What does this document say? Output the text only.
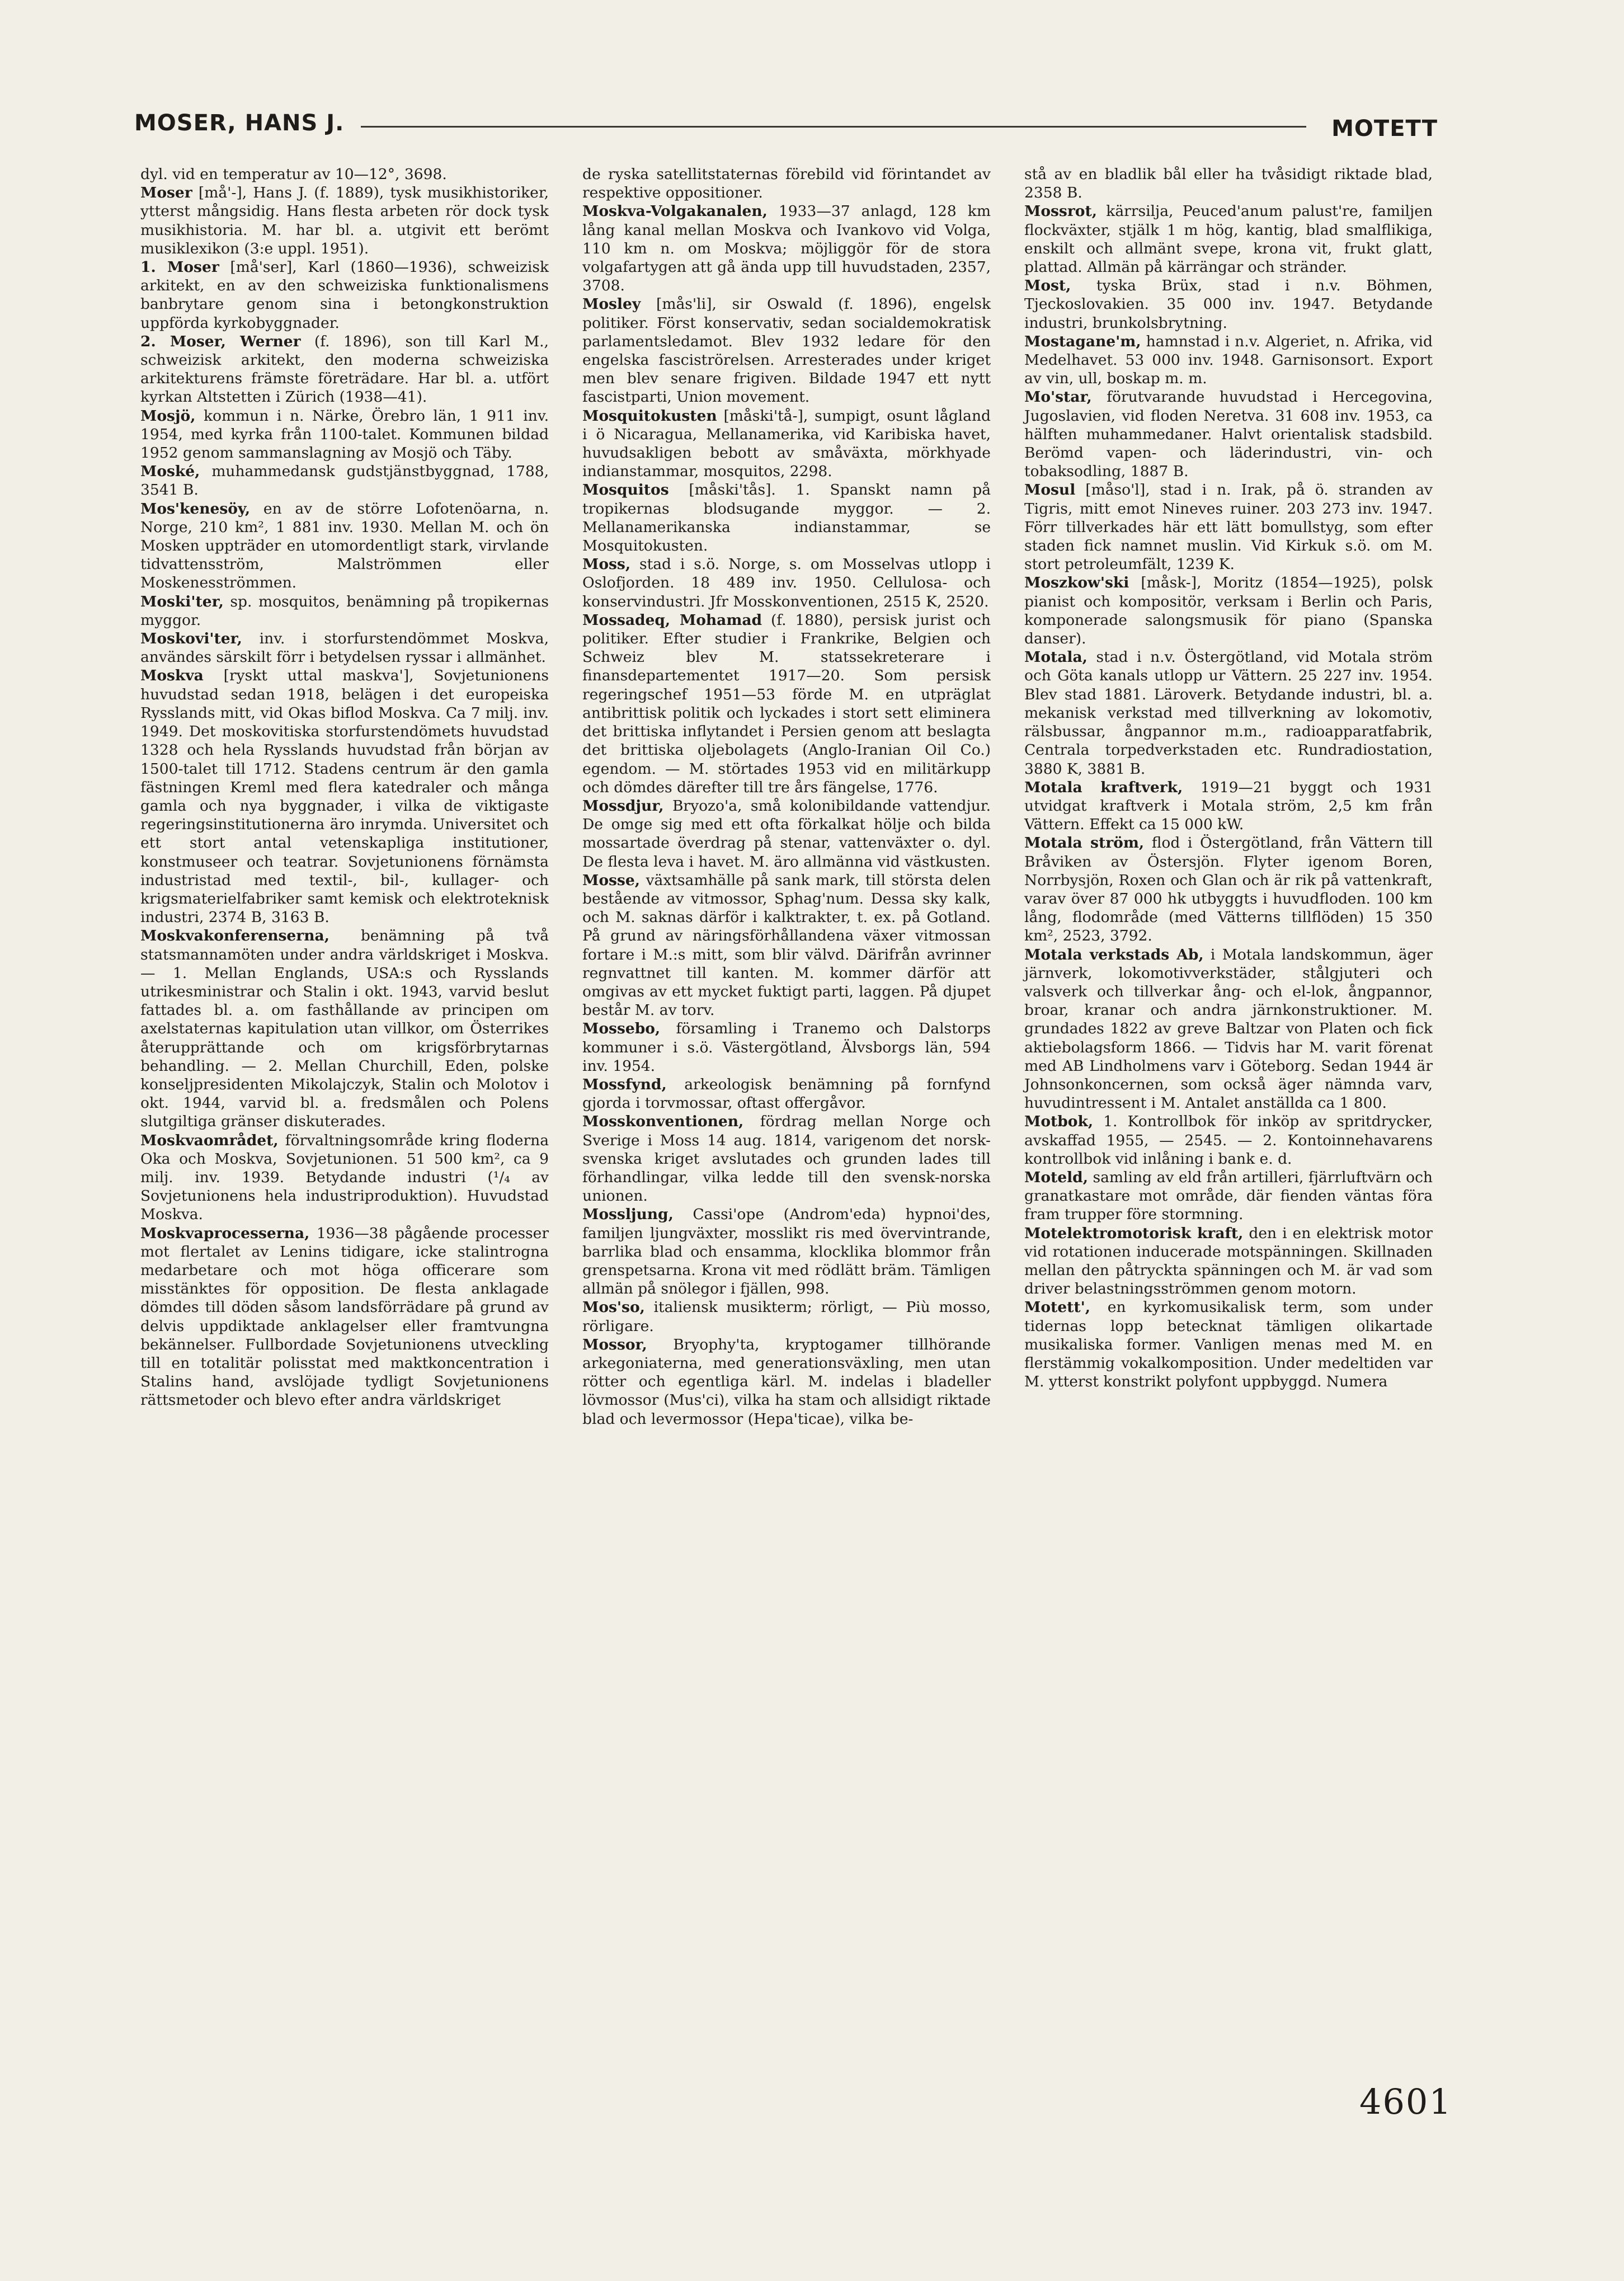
MOSER, HANS J.	MOTETT

dyl. vid en temperatur av 10—12°, 3698.

Moser [må'-], Hans J. (f. 1889), tysk musikhistoriker, ytterst mångsidig. Hans flesta arbeten rör dock tysk musikhistoria. M. har bl. a. utgivit ett berömt musiklexikon (3:e uppl. 1951).

1. Moser [må'ser], Karl (1860—1936), schweizisk arkitekt, en av den schweiziska funktionalismens banbrytare genom sina i betongkonstruktion uppförda kyrkobyggnader.

2. Moser, Werner (f. 1896), son till Karl M., schweizisk arkitekt, den moderna schweiziska arkitekturens främste företrädare. Har bl. a. utfört kyrkan Altstetten i Zürich (1938—41).

Mosjö, kommun i n. Närke, Örebro län, 1 911 inv. 1954, med kyrka från 1100-talet. Kommunen bildad 1952 genom sammanslagning av Mosjö och Täby.

Moské, muhammedansk gudstjänstbyggnad, 1788, 3541 B.

Mos'kenesöy, en av de större Lofotenöarna, n. Norge, 210 km², 1 881 inv. 1930. Mellan M. och ön Mosken uppträder en utomordentligt stark, virvlande tidvattensström, Malströmmen eller Moskenesströmmen.

Moski'ter, sp. mosquitos, benämning på tropikernas myggor.

Moskovi'ter, inv. i storfurstendömmet Moskva, användes särskilt förr i betydelsen ryssar i allmänhet.

Moskva [ryskt uttal maskva'], Sovjetunionens huvudstad sedan 1918, belägen i det europeiska Rysslands mitt, vid Okas biflod Moskva. Ca 7 milj. inv. 1949. Det moskovitiska storfurstendömets huvudstad 1328 och hela Rysslands huvudstad från början av 1500-talet till 1712. Stadens centrum är den gamla fästningen Kreml med flera katedraler och många gamla och nya byggnader, i vilka de viktigaste regeringsinstitutionerna äro inrymda. Universitet och ett stort antal vetenskapliga institutioner, konstmuseer och teatrar. Sovjetunionens förnämsta industristad med textil-, bil-, kullager- och krigsmaterielfabriker samt kemisk och elektroteknisk industri, 2374 B, 3163 B.

Moskvakonferenserna, benämning på två statsmannamöten under andra världskriget i Moskva. — 1. Mellan Englands, USA:s och Rysslands utrikesministrar och Stalin i okt. 1943, varvid beslut fattades bl. a. om fasthållande av principen om axelstaternas kapitulation utan villkor, om Österrikes återupprättande och om krigsförbrytarnas behandling. — 2. Mellan Churchill, Eden, polske konseljpresidenten Mikolajczyk, Stalin och Molotov i okt. 1944, varvid bl. a. fredsmålen och Polens slutgiltiga gränser diskuterades.

Moskvaområdet, förvaltningsområde kring floderna Oka och Moskva, Sovjetunionen. 51 500 km², ca 9 milj. inv. 1939. Betydande industri (¹/₄ av Sovjetunionens hela industriproduktion). Huvudstad Moskva.

Moskvaprocesserna, 1936—38 pågående processer mot flertalet av Lenins tidigare, icke stalintrogna medarbetare och mot höga officerare som misstänktes för opposition. De flesta anklagade dömdes till döden såsom landsförrädare på grund av delvis uppdiktade anklagelser eller framtvungna bekännelser. Fullbordade Sovjetunionens utveckling till en totalitär polisstat med maktkoncentration i Stalins hand, avslöjade tydligt Sovjetunionens rättsmetoder och blevo efter andra världskriget

de ryska satellitstaternas förebild vid förintandet av respektive oppositioner.

Moskva-Volgakanalen, 1933—37 anlagd, 128 km lång kanal mellan Moskva och Ivankovo vid Volga, 110 km n. om Moskva; möjliggör för de stora volgafartygen att gå ända upp till huvudstaden, 2357, 3708.

Mosley [mås'li], sir Oswald (f. 1896), engelsk politiker. Först konservativ, sedan socialdemokratisk parlamentsledamot. Blev 1932 ledare för den engelska fasciströrelsen. Arresterades under kriget men blev senare frigiven. Bildade 1947 ett nytt fascistparti, Union movement.

Mosquitokusten [måski'tå-], sumpigt, osunt lågland i ö Nicaragua, Mellanamerika, vid Karibiska havet, huvudsakligen bebott av småväxta, mörkhyade indianstammar, mosquitos, 2298.

Mosquitos [måski'tås]. 1. Spanskt namn på tropikernas blodsugande myggor. — 2. Mellanamerikanska indianstammar, se Mosquitokusten.

Moss, stad i s.ö. Norge, s. om Mosselvas utlopp i Oslofjorden. 18 489 inv. 1950. Cellulosa- och konservindustri. Jfr Mosskonventionen, 2515 K, 2520.

Mossadeq, Mohamad (f. 1880), persisk jurist och politiker. Efter studier i Frankrike, Belgien och Schweiz blev M. statssekreterare i finansdepartementet 1917—20. Som persisk regeringschef 1951—53 förde M. en utpräglat antibrittisk politik och lyckades i stort sett eliminera det brittiska inflytandet i Persien genom att beslagta det brittiska oljebolagets (Anglo-Iranian Oil Co.) egendom. — M. störtades 1953 vid en militärkupp och dömdes därefter till tre års fängelse, 1776.

Mossdjur, Bryozo'a, små kolonibildande vattendjur. De omge sig med ett ofta förkalkat hölje och bilda mossartade överdrag på stenar, vattenväxter o. dyl. De flesta leva i havet. M. äro allmänna vid västkusten.

Mosse, växtsamhälle på sank mark, till största delen bestående av vitmossor, Sphag'num. Dessa sky kalk, och M. saknas därför i kalktrakter, t. ex. på Gotland. På grund av näringsförhållandena växer vitmossan fortare i M.:s mitt, som blir välvd. Därifrån avrinner regnvattnet till kanten. M. kommer därför att omgivas av ett mycket fuktigt parti, laggen. På djupet består M. av torv.

Mossebo, församling i Tranemo och Dalstorps kommuner i s.ö. Västergötland, Älvsborgs län, 594 inv. 1954.

Mossfynd, arkeologisk benämning på fornfynd gjorda i torvmossar, oftast offergåvor.

Mosskonventionen, fördrag mellan Norge och Sverige i Moss 14 aug. 1814, varigenom det norsk-svenska kriget avslutades och grunden lades till förhandlingar, vilka ledde till den svensk-norska unionen.

Mossljung, Cassi'ope (Androm'eda) hypnoi'des, familjen ljungväxter, mosslikt ris med övervintrande, barrlika blad och ensamma, klocklika blommor från grenspetsarna. Krona vit med rödlätt bräm. Tämligen allmän på snölegor i fjällen, 998.

Mos'so, italiensk musikterm; rörligt, — Più mosso, rörligare.

Mossor, Bryophy'ta, kryptogamer tillhörande arkegoniaterna, med generationsväxling, men utan rötter och egentliga kärl. M. indelas i bladeller lövmossor (Mus'ci), vilka ha stam och allsidigt riktade blad och levermossor (Hepa'ticae), vilka be-

stå av en bladlik bål eller ha tvåsidigt riktade blad, 2358 B.

Mossrot, kärrsilja, Peuced'anum palust're, familjen flockväxter, stjälk 1 m hög, kantig, blad smalflikiga, enskilt och allmänt svepe, krona vit, frukt glatt, plattad. Allmän på kärrängar och stränder.

Most, tyska Brüx, stad i n.v. Böhmen, Tjeckoslovakien. 35 000 inv. 1947. Betydande industri, brunkolsbrytning.

Mostagane'm, hamnstad i n.v. Algeriet, n. Afrika, vid Medelhavet. 53 000 inv. 1948. Garnisonsort. Export av vin, ull, boskap m. m.

Mo'star, förutvarande huvudstad i Hercegovina, Jugoslavien, vid floden Neretva. 31 608 inv. 1953, ca hälften muhammedaner. Halvt orientalisk stadsbild. Berömd vapen- och läderindustri, vin- och tobaksodling, 1887 B.

Mosul [måso'l], stad i n. Irak, på ö. stranden av Tigris, mitt emot Nineves ruiner. 203 273 inv. 1947. Förr tillverkades här ett lätt bomullstyg, som efter staden fick namnet muslin. Vid Kirkuk s.ö. om M. stort petroleumfält, 1239 K.

Moszkow'ski [måsk-], Moritz (1854—1925), polsk pianist och kompositör, verksam i Berlin och Paris, komponerade salongsmusik för piano (Spanska danser).

Motala, stad i n.v. Östergötland, vid Motala ström och Göta kanals utlopp ur Vättern. 25 227 inv. 1954. Blev stad 1881. Läroverk. Betydande industri, bl. a. mekanisk verkstad med tillverkning av lokomotiv, rälsbussar, ångpannor m.m., radioapparatfabrik, Centrala torpedverkstaden etc. Rundradiostation, 3880 K, 3881 B.

Motala kraftverk, 1919—21 byggt och 1931 utvidgat kraftverk i Motala ström, 2,5 km från Vättern. Effekt ca 15 000 kW.

Motala ström, flod i Östergötland, från Vättern till Bråviken av Östersjön. Flyter igenom Boren, Norrbysjön, Roxen och Glan och är rik på vattenkraft, varav över 87 000 hk utbyggts i huvudfloden. 100 km lång, flodområde (med Vätterns tillflöden) 15 350 km², 2523, 3792.

Motala verkstads Ab, i Motala landskommun, äger järnverk, lokomotivverkstäder, stålgjuteri och valsverk och tillverkar ång- och el-lok, ångpannor, broar, kranar och andra järnkonstruktioner. M. grundades 1822 av greve Baltzar von Platen och fick aktiebolagsform 1866. — Tidvis har M. varit förenat med AB Lindholmens varv i Göteborg. Sedan 1944 är Johnsonkoncernen, som också äger nämnda varv, huvudintressent i M. Antalet anställda ca 1 800.

Motbok, 1. Kontrollbok för inköp av spritdrycker, avskaffad 1955, — 2545. — 2. Kontoinnehavarens kontrollbok vid inlåning i bank e. d.

Moteld, samling av eld från artilleri, fjärrluftvärn och granatkastare mot område, där fienden väntas föra fram trupper före stormning.

Motelektromotorisk kraft, den i en elektrisk motor vid rotationen inducerade motspänningen. Skillnaden mellan den påtryckta spänningen och M. är vad som driver belastningsströmmen genom motorn.

Motett', en kyrkomusikalisk term, som under tidernas lopp betecknat tämligen olikartade musikaliska former. Vanligen menas med M. en flerstämmig vokalkomposition. Under medeltiden var M. ytterst konstrikt polyfont uppbyggd. Numera

4601
